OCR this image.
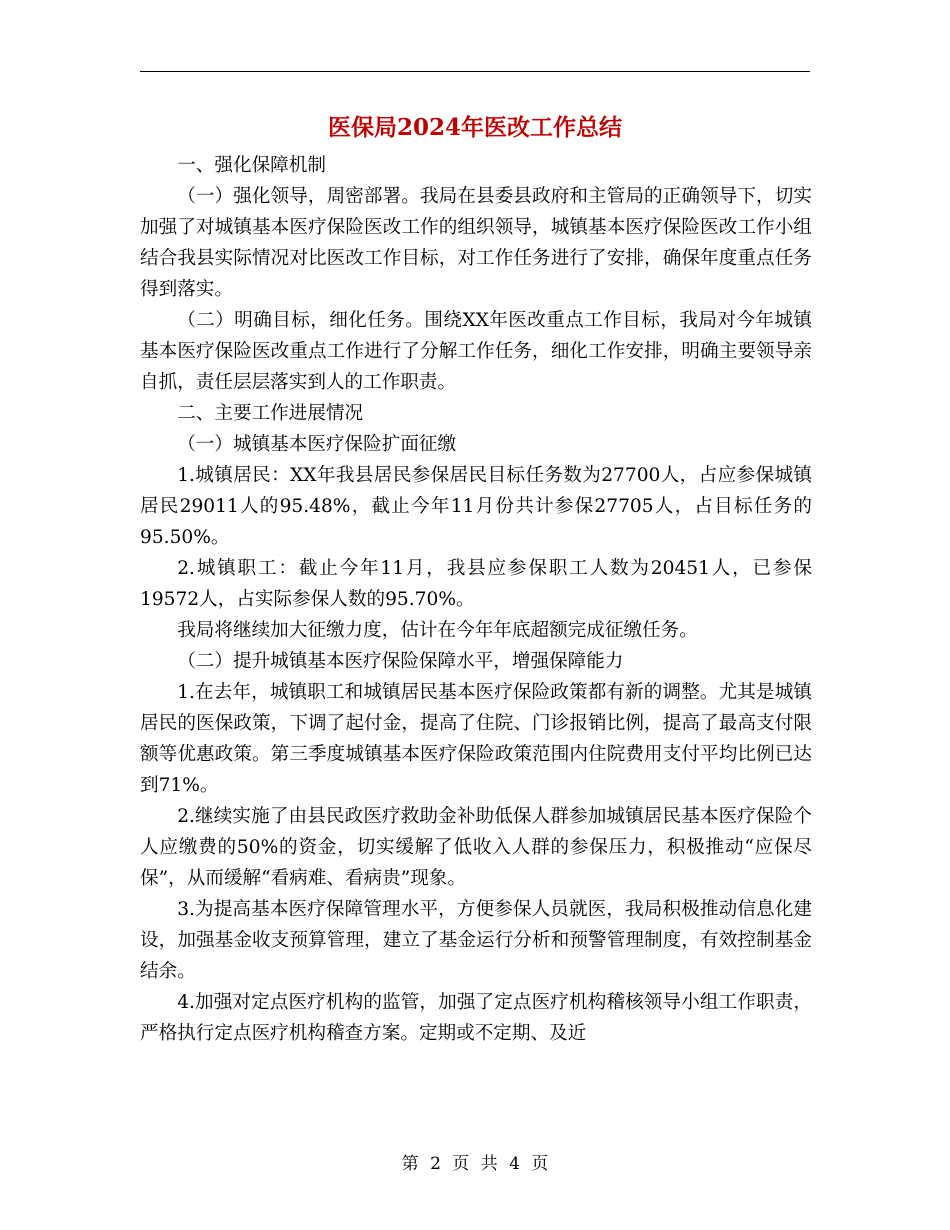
医保局2024年医改工作总结

一、强化保障机制

（一）强化领导，周密部署。我局在县委县政府和主管局的正确领导下，切实加强了对城镇基本医疗保险医改工作的组织领导，城镇基本医疗保险医改工作小组结合我县实际情况对比医改工作目标，对工作任务进行了安排，确保年度重点任务得到落实。

（二）明确目标，细化任务。围绕XX年医改重点工作目标，我局对今年城镇基本医疗保险医改重点工作进行了分解工作任务，细化工作安排，明确主要领导亲自抓，责任层层落实到人的工作职责。

二、主要工作进展情况

（一）城镇基本医疗保险扩面征缴

1.城镇居民：XX年我县居民参保居民目标任务数为27700人，占应参保城镇居民29011人的95.48%，截止今年11月份共计参保27705人，占目标任务的95.50%。

2.城镇职工：截止今年11月，我县应参保职工人数为20451人，已参保19572人，占实际参保人数的95.70%。

我局将继续加大征缴力度，估计在今年年底超额完成征缴任务。

（二）提升城镇基本医疗保险保障水平，增强保障能力

1.在去年，城镇职工和城镇居民基本医疗保险政策都有新的调整。尤其是城镇居民的医保政策，下调了起付金，提高了住院、门诊报销比例，提高了最高支付限额等优惠政策。第三季度城镇基本医疗保险政策范围内住院费用支付平均比例已达到71%。

2.继续实施了由县民政医疗救助金补助低保人群参加城镇居民基本医疗保险个人应缴费的50%的资金，切实缓解了低收入人群的参保压力，积极推动“应保尽保”，从而缓解“看病难、看病贵”现象。

3.为提高基本医疗保障管理水平，方便参保人员就医，我局积极推动信息化建设，加强基金收支预算管理，建立了基金运行分析和预警管理制度，有效控制基金结余。

4.加强对定点医疗机构的监管，加强了定点医疗机构稽核领导小组工作职责，严格执行定点医疗机构稽查方案。定期或不定期、及近

第 2 页 共 4 页
